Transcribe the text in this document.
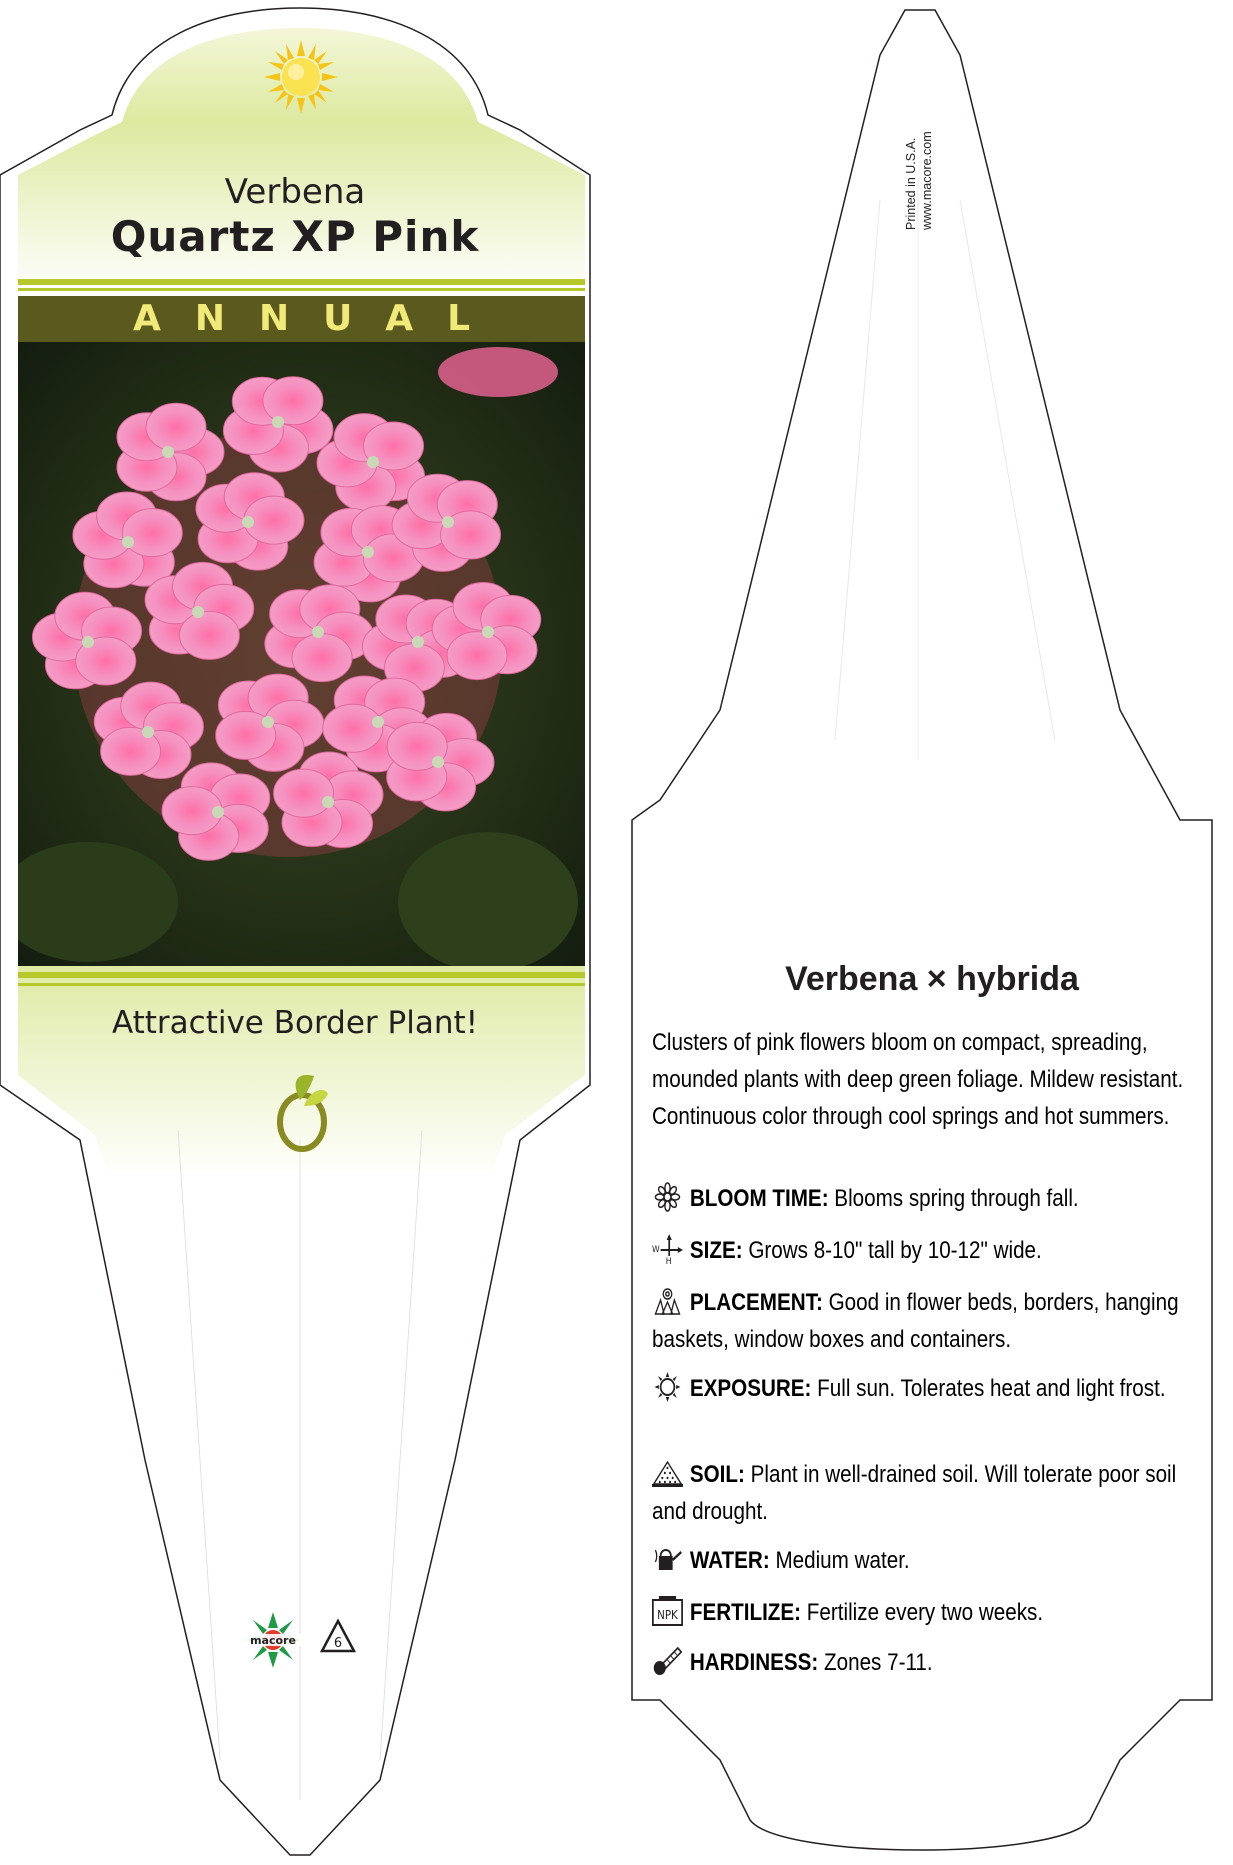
Verbena
Quartz XP Pink
ANNUAL
Attractive Border Plant!
macore	6
Printed in U.S.A. www.macore.com
Verbena × hybrida
Clusters of pink flowers bloom on compact, spreading, mounded plants with deep green foliage. Mildew resistant. Continuous color through cool springs and hot summers.
BLOOM TIME: Blooms spring through fall.
W
H SIZE: Grows 8-10" tall by 10-12" wide.
PLACEMENT: Good in flower beds, borders, hanging baskets, window boxes and containers.
EXPOSURE: Full sun. Tolerates heat and light frost.
SOIL: Plant in well-drained soil. Will tolerate poor soil and drought.
WATER: Medium water.
NPK FERTILIZE: Fertilize every two weeks.
HARDINESS: Zones 7-11.
